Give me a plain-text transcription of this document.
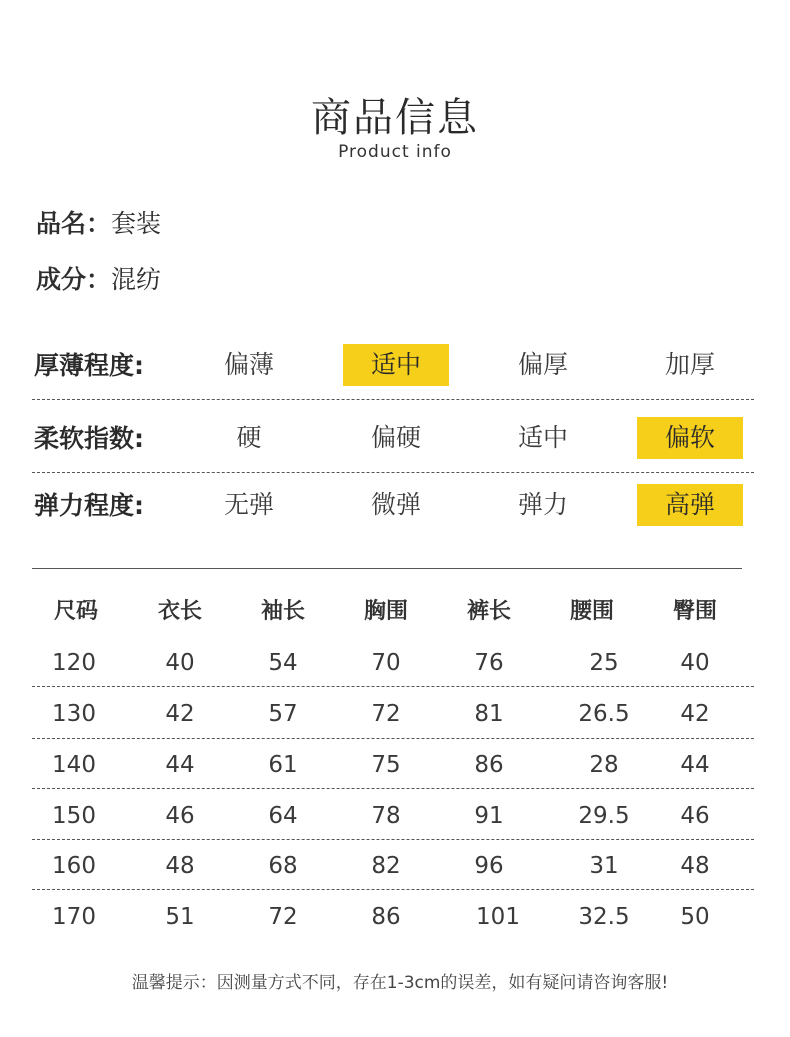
商品信息
Product info
品名：套装
成分：混纺
厚薄程度:	偏薄	适中	偏厚	加厚
柔软指数:	硬	偏硬	适中	偏软
弹力程度:	无弹	微弹	弹力	高弹
尺码	衣长	袖长	胸围	裤长	腰围	臀围
120	40	54	70	76	25	40
130	42	57	72	81	26.5	42
140	44	61	75	86	28	44
150	46	64	78	91	29.5	46
160	48	68	82	96	31	48
170	51	72	86	101	32.5	50
温馨提示：因测量方式不同，存在1-3cm的误差，如有疑问请咨询客服!
